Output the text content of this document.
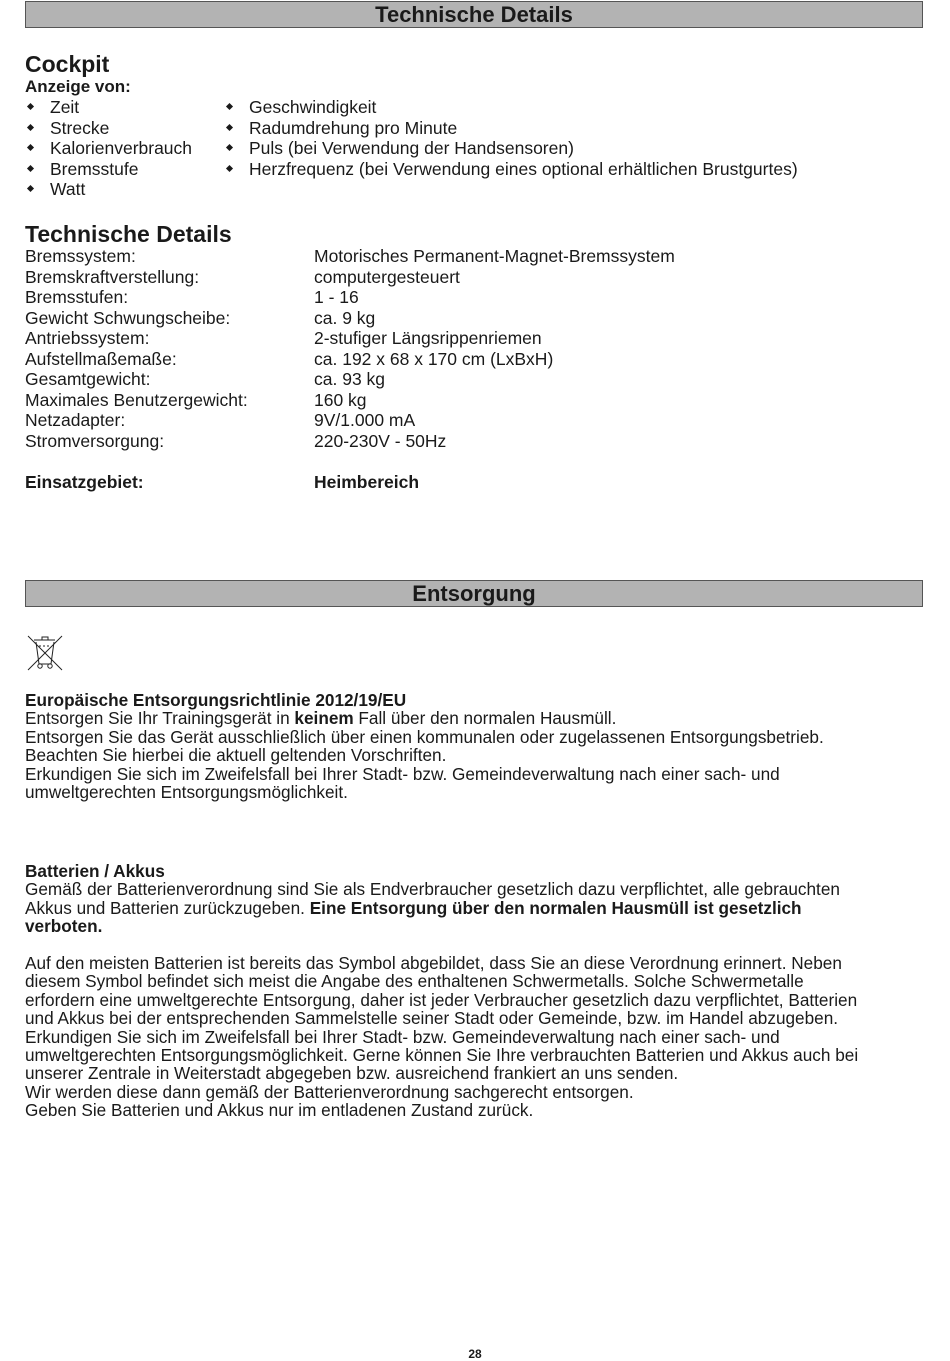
Technische Details
Cockpit
Anzeige von:
Zeit
Strecke
Kalorienverbrauch
Bremsstufe
Watt
Geschwindigkeit
Radumdrehung pro Minute
Puls (bei Verwendung der Handsensoren)
Herzfrequenz (bei Verwendung eines optional erhältlichen Brustgurtes)
Technische Details
Bremssystem:	Motorisches Permanent-Magnet-Bremssystem
Bremskraftverstellung:	computergesteuert
Bremsstufen:	1 - 16
Gewicht Schwungscheibe:	ca. 9 kg
Antriebssystem:	2-stufiger Längsrippenriemen
Aufstellmaßemaße:	ca. 192 x 68 x 170 cm (LxBxH)
Gesamtgewicht:	ca. 93 kg
Maximales Benutzergewicht:	160 kg
Netzadapter:	9V/1.000 mA
Stromversorgung:	220-230V - 50Hz
Einsatzgebiet:	Heimbereich
Entsorgung
Europäische Entsorgungsrichtlinie 2012/19/EU
Entsorgen Sie Ihr Trainingsgerät in keinem Fall über den normalen Hausmüll.
Entsorgen Sie das Gerät ausschließlich über einen kommunalen oder zugelassenen Entsorgungsbetrieb.
Beachten Sie hierbei die aktuell geltenden Vorschriften.
Erkundigen Sie sich im Zweifelsfall bei Ihrer Stadt- bzw. Gemeindeverwaltung nach einer sach- und
umweltgerechten Entsorgungsmöglichkeit.
Batterien / Akkus
Gemäß der Batterienverordnung sind Sie als Endverbraucher gesetzlich dazu verpflichtet, alle gebrauchten
Akkus und Batterien zurückzugeben. Eine Entsorgung über den normalen Hausmüll ist gesetzlich
verboten.
Auf den meisten Batterien ist bereits das Symbol abgebildet, dass Sie an diese Verordnung erinnert. Neben
diesem Symbol befindet sich meist die Angabe des enthaltenen Schwermetalls. Solche Schwermetalle
erfordern eine umweltgerechte Entsorgung, daher ist jeder Verbraucher gesetzlich dazu verpflichtet, Batterien
und Akkus bei der entsprechenden Sammelstelle seiner Stadt oder Gemeinde, bzw. im Handel abzugeben.
Erkundigen Sie sich im Zweifelsfall bei Ihrer Stadt- bzw. Gemeindeverwaltung nach einer sach- und
umweltgerechten Entsorgungsmöglichkeit. Gerne können Sie Ihre verbrauchten Batterien und Akkus auch bei
unserer Zentrale in Weiterstadt abgegeben bzw. ausreichend frankiert an uns senden.
Wir werden diese dann gemäß der Batterienverordnung sachgerecht entsorgen.
Geben Sie Batterien und Akkus nur im entladenen Zustand zurück.
28
